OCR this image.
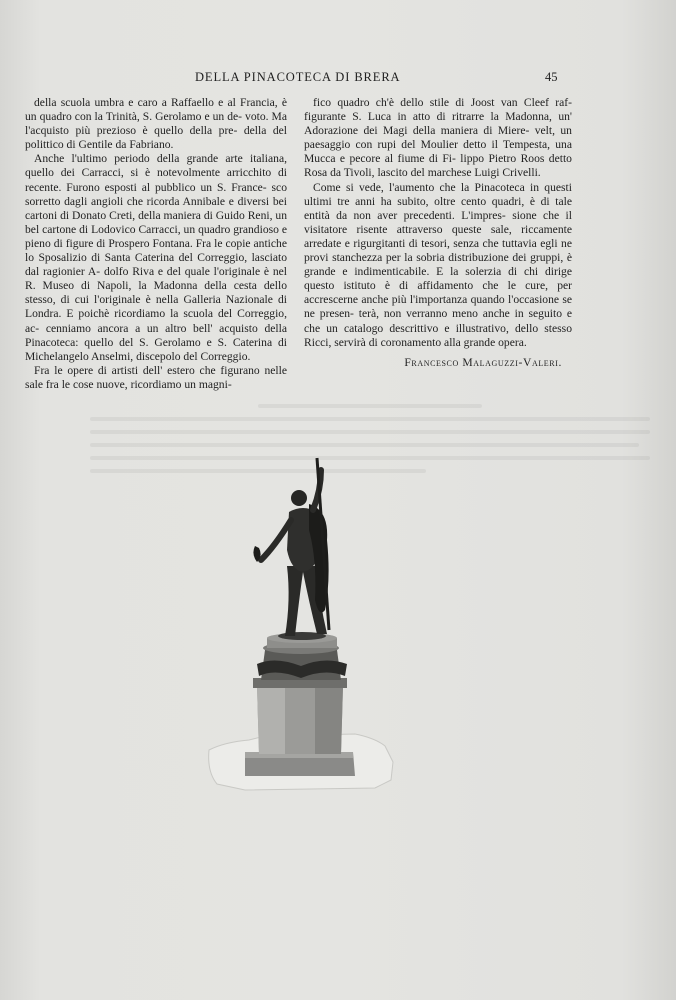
DELLA PINACOTECA DI BRERA	45

della scuola umbra e caro a Raffaello e al Francia, è un quadro con la Trinità, S. Gerolamo e un de- voto. Ma l'acquisto più prezioso è quello della pre- della del polittico di Gentile da Fabriano.

Anche l'ultimo periodo della grande arte italiana, quello dei Carracci, si è notevolmente arricchito di recente. Furono esposti al pubblico un S. France- sco sorretto dagli angioli che ricorda Annibale e diversi bei cartoni di Donato Creti, della maniera di Guido Reni, un bel cartone di Lodovico Carracci, un quadro grandioso e pieno di figure di Prospero Fontana. Fra le copie antiche lo Sposalizio di Santa Caterina del Correggio, lasciato dal ragionier A- dolfo Riva e del quale l'originale è nel R. Museo di Napoli, la Madonna della cesta dello stesso, di cui l'originale è nella Galleria Nazionale di Londra. E poichè ricordiamo la scuola del Correggio, ac- cenniamo ancora a un altro bell' acquisto della Pinacoteca: quello del S. Gerolamo e S. Caterina di Michelangelo Anselmi, discepolo del Correggio.

Fra le opere di artisti dell' estero che figurano nelle sale fra le cose nuove, ricordiamo un magni-

fico quadro ch'è dello stile di Joost van Cleef raf- figurante S. Luca in atto di ritrarre la Madonna, un' Adorazione dei Magi della maniera di Miere- velt, un paesaggio con rupi del Moulier detto il Tempesta, una Mucca e pecore al fiume di Fi- lippo Pietro Roos detto Rosa da Tivoli, lascito del marchese Luigi Crivelli.

Come si vede, l'aumento che la Pinacoteca in questi ultimi tre anni ha subito, oltre cento quadri, è di tale entità da non aver precedenti. L'impres- sione che il visitatore risente attraverso queste sale, riccamente arredate e rigurgitanti di tesori, senza che tuttavia egli ne provi stanchezza per la sobria distribuzione dei gruppi, è grande e indimenticabile. E la solerzia di chi dirige questo istituto è di affidamento che le cure, per accrescerne anche più l'importanza quando l'occasione se ne presen- terà, non verranno meno anche in seguito e che un catalogo descrittivo e illustrativo, dello stesso Ricci, servirà di coronamento alla grande opera.

Francesco Malaguzzi-Valeri.
